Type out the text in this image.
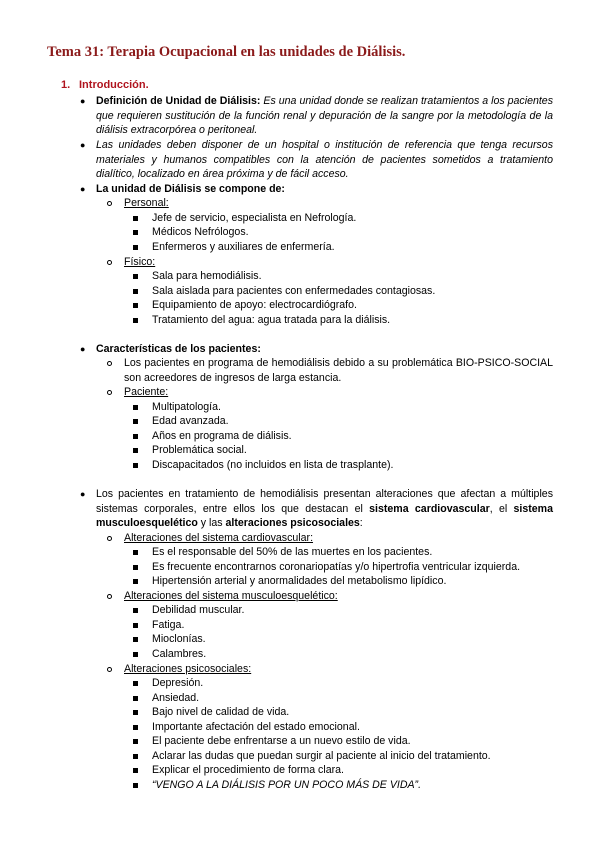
Tema 31: Terapia Ocupacional en las unidades de Diálisis.
1. Introducción.
● Definición de Unidad de Diálisis: Es una unidad donde se realizan tratamientos a los pacientes que requieren sustitución de la función renal y depuración de la sangre por la metodología de la diálisis extracorpórea o peritoneal.
● Las unidades deben disponer de un hospital o institución de referencia que tenga recursos materiales y humanos compatibles con la atención de pacientes sometidos a tratamiento dialítico, localizado en área próxima y de fácil acceso.
● La unidad de Diálisis se compone de:
Personal:
Jefe de servicio, especialista en Nefrología.
Médicos Nefrólogos.
Enfermeros y auxiliares de enfermería.
Físico:
Sala para hemodiálisis.
Sala aislada para pacientes con enfermedades contagiosas.
Equipamiento de apoyo: electrocardiógrafo.
Tratamiento del agua: agua tratada para la diálisis.
● Características de los pacientes:
Los pacientes en programa de hemodiálisis debido a su problemática BIO-PSICO-SOCIAL son acreedores de ingresos de larga estancia.
Paciente:
Multipatología.
Edad avanzada.
Años en programa de diálisis.
Problemática social.
Discapacitados (no incluidos en lista de trasplante).
● Los pacientes en tratamiento de hemodiálisis presentan alteraciones que afectan a múltiples sistemas corporales, entre ellos los que destacan el sistema cardiovascular, el sistema musculoesquelético y las alteraciones psicosociales:
Alteraciones del sistema cardiovascular:
Es el responsable del 50% de las muertes en los pacientes.
Es frecuente encontrarnos coronariopatías y/o hipertrofia ventricular izquierda.
Hipertensión arterial y anormalidades del metabolismo lipídico.
Alteraciones del sistema musculoesquelético:
Debilidad muscular.
Fatiga.
Mioclonías.
Calambres.
Alteraciones psicosociales:
Depresión.
Ansiedad.
Bajo nivel de calidad de vida.
Importante afectación del estado emocional.
El paciente debe enfrentarse a un nuevo estilo de vida.
Aclarar las dudas que puedan surgir al paciente al inicio del tratamiento.
Explicar el procedimiento de forma clara.
“VENGO A LA DIÁLISIS POR UN POCO MÁS DE VIDA”.
